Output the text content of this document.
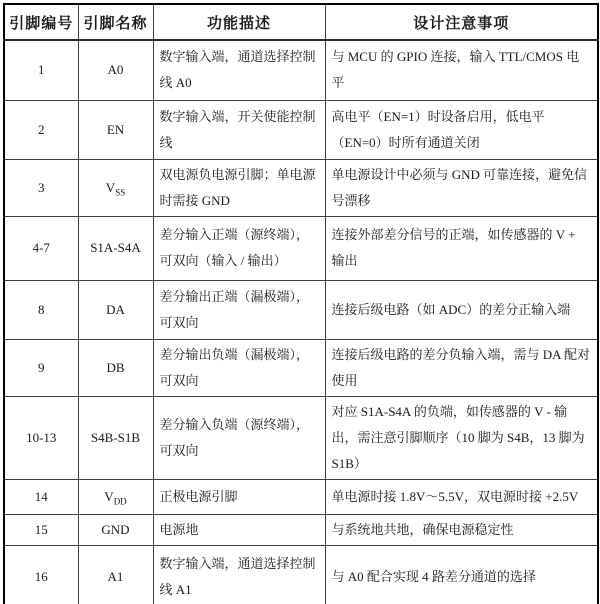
引脚编号	引脚名称	功能描述	设计注意事项
1	A0	数字输入端，通道选择控制线 A0	与 MCU 的 GPIO 连接，输入 TTL/CMOS 电平
2	EN	数字输入端，开关使能控制线	高电平（EN=1）时设备启用，低电平（EN=0）时所有通道关闭
3	$V_{SS}$	双电源负电源引脚；单电源时需接 GND	单电源设计中必须与 GND 可靠连接，避免信号漂移
4-7	S1A-S4A	差分输入正端（源终端），可双向（输入 / 输出）	连接外部差分信号的正端，如传感器的 V + 输出
8	DA	差分输出正端（漏极端），可双向	连接后级电路（如 ADC）的差分正输入端
9	DB	差分输出负端（漏极端），可双向	连接后级电路的差分负输入端，需与 DA 配对使用
10-13	S4B-S1B	差分输入负端（源终端），可双向	对应 S1A-S4A 的负端，如传感器的 V - 输出，需注意引脚顺序（10 脚为 S4B，13 脚为 S1B）
14	$V_{DD}$	正极电源引脚	单电源时接 1.8V～5.5V，双电源时接 +2.5V
15	GND	电源地	与系统地共地，确保电源稳定性
16	A1	数字输入端，通道选择控制线 A1	与 A0 配合实现 4 路差分通道的选择
